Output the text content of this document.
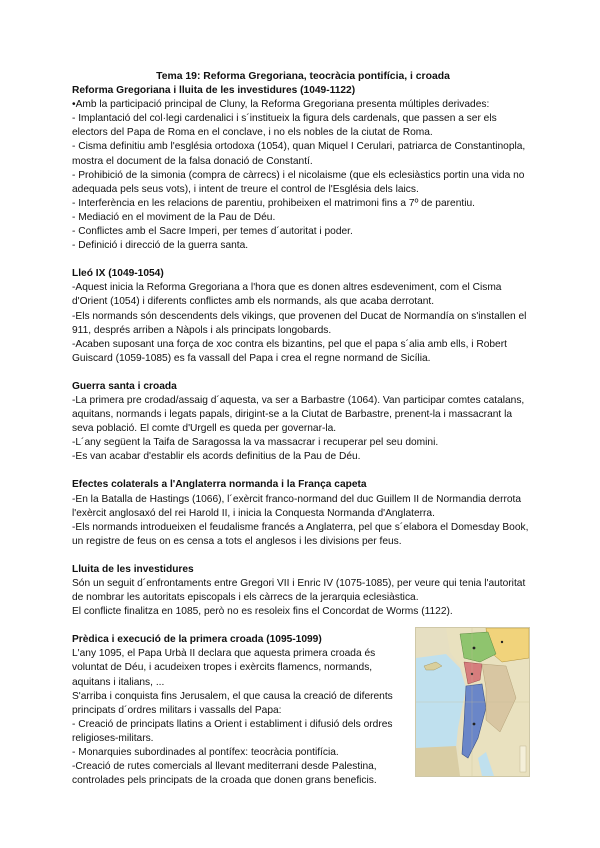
Tema 19: Reforma Gregoriana, teocràcia pontifícia, i croada

Reforma Gregoriana i lluita de les investidures (1049-1122)

•Amb la participació principal de Cluny, la Reforma Gregoriana presenta múltiples derivades:

- Implantació del col·legi cardenalici i s´institueix la figura dels cardenals, que passen a ser els electors del Papa de Roma en el conclave, i no els nobles de la ciutat de Roma.

- Cisma definitiu amb l'església ortodoxa (1054), quan Miquel I Cerulari, patriarca de Constantinopla, mostra el document de la falsa donació de Constantí.

- Prohibició de la simonia (compra de càrrecs) i el nicolaisme (que els eclesiàstics portin una vida no adequada pels seus vots), i intent de treure el control de l'Església dels laics.

- Interferència en les relacions de parentiu, prohibeixen el matrimoni fins a 7º de parentiu.

- Mediació en el moviment de la Pau de Déu.

- Conflictes amb el Sacre Imperi, per temes d´autoritat i poder.

- Definició i direcció de la guerra santa.

Lleó IX (1049-1054)

-Aquest inicia la Reforma Gregoriana a l'hora que es donen altres esdeveniment, com el Cisma d'Orient (1054) i diferents conflictes amb els normands, als que acaba derrotant.

-Els normands són descendents dels vikings, que provenen del Ducat de Normandía on s'installen el 911, després arriben a Nàpols i als principats longobards.

-Acaben suposant una força de xoc contra els bizantins, pel que el papa s´alia amb ells, i Robert Guiscard (1059-1085) es fa vassall del Papa i crea el regne normand de Sicília.

Guerra santa i croada

-La primera pre crodad/assaig d´aquesta, va ser a Barbastre (1064). Van participar comtes catalans, aquitans, normands i legats papals, dirigint-se a la Ciutat de Barbastre, prenent-la i massacrant la seva població. El comte d'Urgell es queda per governar-la.

-L´any següent la Taifa de Saragossa la va massacrar i recuperar pel seu domini.

-Es van acabar d'establir els acords definitius de la Pau de Déu.

Efectes colaterals a l'Anglaterra normanda i la França capeta

-En la Batalla de Hastings (1066), l´exèrcit franco-normand del duc Guillem II de Normandia derrota l'exèrcit anglosaxó del rei Harold II, i inicia la Conquesta Normanda d'Anglaterra.

-Els normands introdueixen el feudalisme francés a Anglaterra, pel que s´elabora el Domesday Book, un registre de feus on es censa a tots el anglesos i les divisions per feus.

Lluita de les investidures

Són un seguit d´enfrontaments entre Gregori VII i Enric IV (1075-1085), per veure qui tenia l'autoritat de nombrar les autoritats episcopals i els càrrecs de la jerarquia eclesiàstica.

El conflicte finalitza en 1085, però no es resoleix fins el Concordat de Worms (1122).

Prèdica i execució de la primera croada (1095-1099)

L'any 1095, el Papa Urbà II declara que aquesta primera croada és voluntat de Déu, i acudeixen tropes i exèrcits flamencs, normands, aquitans i italians, ...

S'arriba i conquista fins Jerusalem, el que causa la creació de diferents principats d´ordres militars i vassalls del Papa:

- Creació de principats llatins a Orient i establiment i difusió dels ordres religioses-militars.

- Monarquies subordinades al pontífex: teocràcia pontifícia.

-Creació de rutes comercials al llevant mediterrani desde Palestina, controlades pels principats de la croada que donen grans beneficis.
